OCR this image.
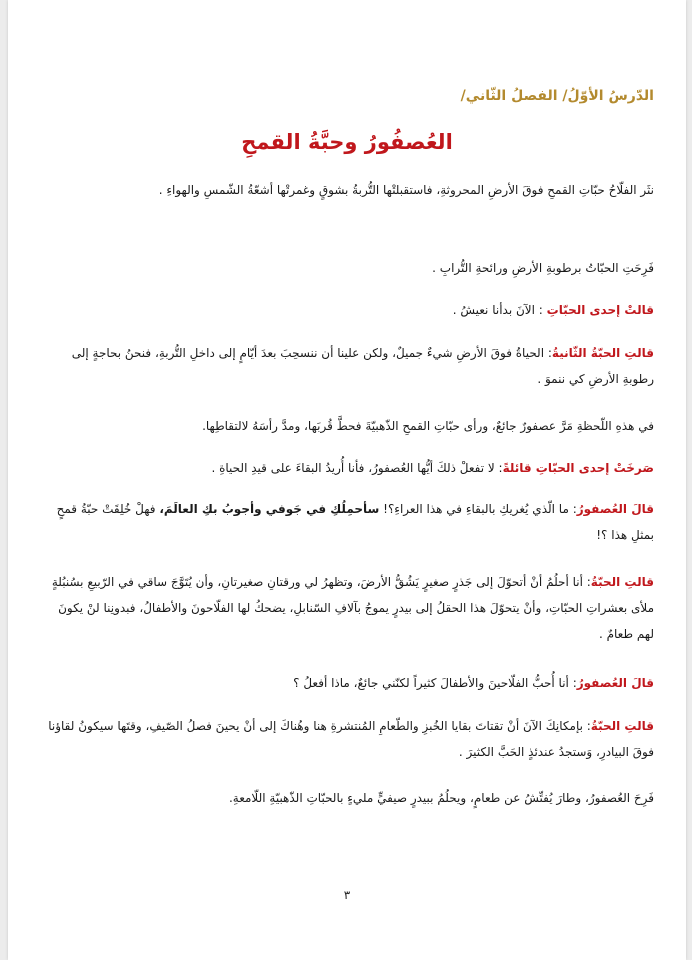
الدّرسُ الأوّلُ/ الفصلُ الثّاني/
العُصفُورُ وحبَّةُ القمحِ
نثَر الفلّاحُ حبّاتِ القمحِ فوقَ الأرضِ المحروثةِ، فاستقبلتْها التُّربةُ بشوقٍ وغمرتْها أشعّةُ الشّمسِ والهواءِ .
فَرِحَتِ الحبّاتُ برطوبةِ الأرضِ ورائحةِ التُّرابِ .
قالتْ إحدى الحبّاتِ : الآنَ بدأنا نعيشُ .
قالتِ الحبّةُ الثّانيةُ: الحياةُ فوقَ الأرضِ شيءٌ جميلٌ، ولكن علينا أن ننسحِبَ بعدَ أيّامٍ إلى داخلِ التُّربةِ، فنحنُ بحاجةٍ إلى رطوبةِ الأرضِ كي ننموَ .
في هذهِ اللّحظةِ مَرَّ عصفورٌ جائعٌ، ورأى حبّاتِ القمحِ الذّهبيّةَ فحطَّ قُربَها، ومدَّ رأسَهُ لالتقاطِها.
صَرخَتْ إحدى الحبّاتِ قائلةً: لا تفعلْ ذلكَ أيُّها العُصفورُ، فأنا أُريدُ البقاءَ على قيدِ الحياةِ .
قالَ العُصفورُ: ما الّذي يُغريكِ بالبقاءِ في هذا العراءِ؟! سأحمِلُكِ في جَوفي وأجوبُ بكِ العالَمَ، فهلْ خُلِقَتْ حبّةُ قمحٍ بمثلِ هذا ؟!
قالتِ الحبّةُ: أنا أحلُمُ أنْ أتحوّلَ إلى جَذرٍ صغيرٍ يَشُقُّ الأرضَ، وتظهرُ لي ورقتانِ صغيرتانِ، وأن يُتَوَّجَ ساقي في الرّبيعِ بسُنبُلةٍ ملأى بعشراتِ الحبّاتِ، وأنْ يتحوّلَ هذا الحقلُ إلى بيدرٍ يموجُ بآلافِ السّنابلِ، يضحكُ لها الفلّاحونَ والأطفالُ، فبدونِنا لنْ يكونَ لهم طعامٌ .
قالَ العُصفورُ: أنا أُحبُّ الفلّاحينَ والأطفالَ كثيراً لكنّني جائعٌ، ماذا أفعلُ ؟
قالتِ الحبّةُ: بإمكانِكَ الآنَ أنْ تقتاتَ بقايا الخُبزِ والطّعامِ المُنتشرةِ هنا وهُناكَ إلى أنْ يحينَ فصلُ الصّيفِ، وقتَها سيكونُ لقاؤنا فوقَ البيادرِ، وَستجدُ عندئذٍ الحَبَّ الكثيرَ .
فَرِحَ العُصفورُ، وطارَ يُفتِّشُ عن طعامٍ، ويحلُمُ ببيدرٍ صيفيٍّ مليءٍ بالحبّاتِ الذّهبيّةِ اللّامعةِ.
٣
